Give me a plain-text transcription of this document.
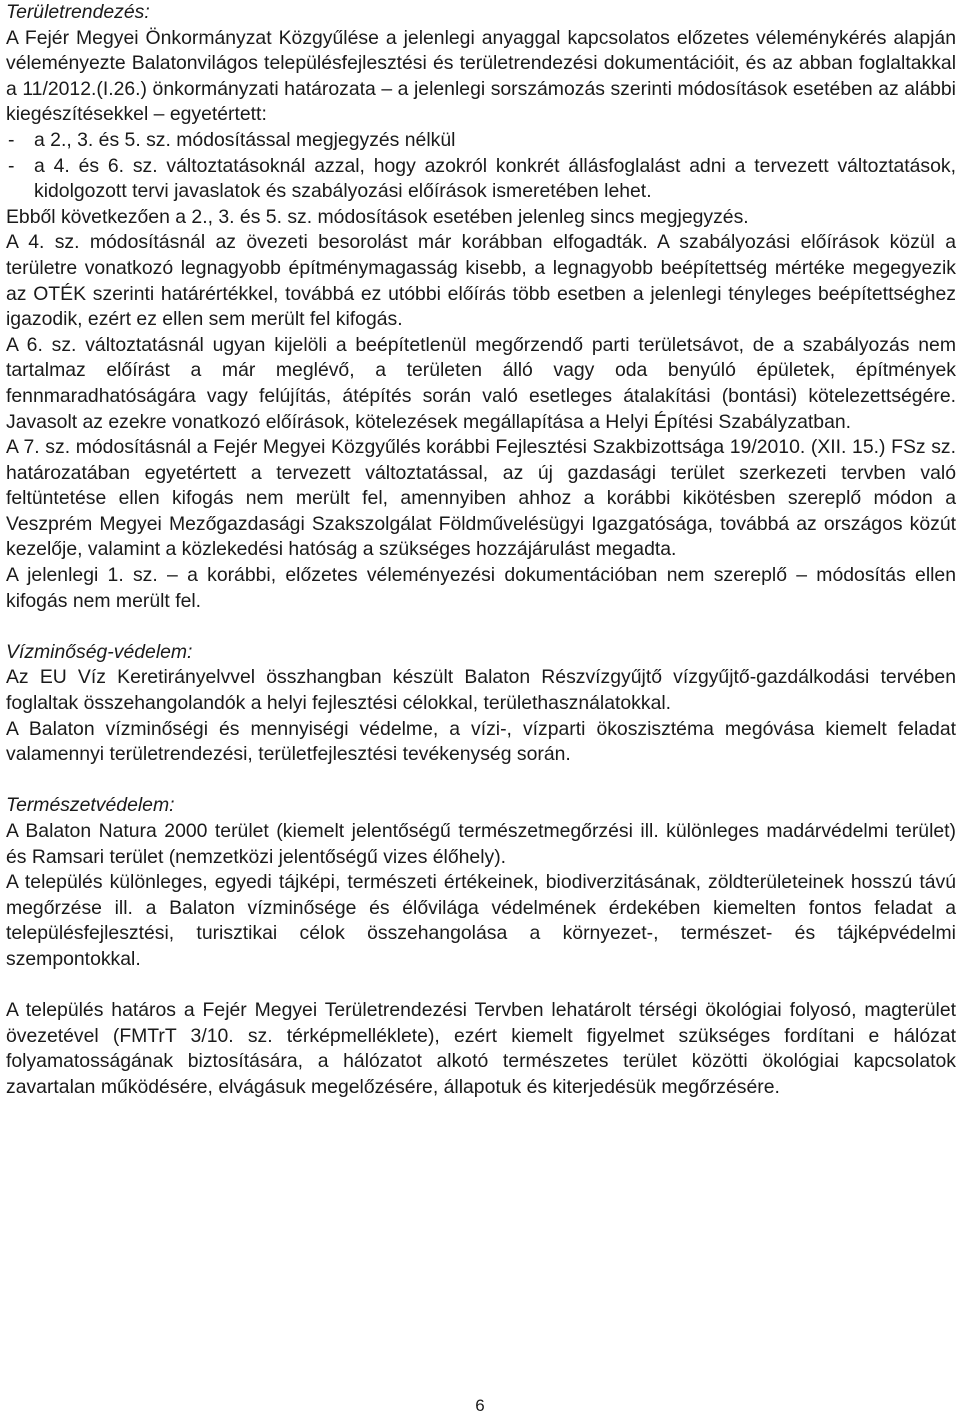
Területrendezés:

A Fejér Megyei Önkormányzat Közgyűlése a jelenlegi anyaggal kapcsolatos előzetes véleménykérés alapján véleményezte Balatonvilágos településfejlesztési és területrendezési dokumentációit, és az abban foglaltakkal a 11/2012.(I.26.) önkormányzati határozata – a jelenlegi sorszámozás szerinti módosítások esetében az alábbi kiegészítésekkel – egyetértett:

-	a 2., 3. és 5. sz. módosítással megjegyzés nélkül
-	a 4. és 6. sz. változtatásoknál azzal, hogy azokról konkrét állásfoglalást adni a tervezett változtatások, kidolgozott tervi javaslatok és szabályozási előírások ismeretében lehet.

Ebből következően a 2., 3. és 5. sz. módosítások esetében jelenleg sincs megjegyzés.

A 4. sz. módosításnál az övezeti besorolást már korábban elfogadták. A szabályozási előírások közül a területre vonatkozó legnagyobb építménymagasság kisebb, a legnagyobb beépítettség mértéke megegyezik az OTÉK szerinti határértékkel, továbbá ez utóbbi előírás több esetben a jelenlegi tényleges beépítettséghez igazodik, ezért ez ellen sem merült fel kifogás.

A 6. sz. változtatásnál ugyan kijelöli a beépítetlenül megőrzendő parti területsávot, de a szabályozás nem tartalmaz előírást a már meglévő, a területen álló vagy oda benyúló épületek, építmények fennmaradhatóságára vagy felújítás, átépítés során való esetleges átalakítási (bontási) kötelezettségére. Javasolt az ezekre vonatkozó előírások, kötelezések megállapítása a Helyi Építési Szabályzatban.

A 7. sz. módosításnál a Fejér Megyei Közgyűlés korábbi Fejlesztési Szakbizottsága 19/2010. (XII. 15.) FSz sz. határozatában egyetértett a tervezett változtatással, az új gazdasági terület szerkezeti tervben való feltüntetése ellen kifogás nem merült fel, amennyiben ahhoz a korábbi kikötésben szereplő módon a Veszprém Megyei Mezőgazdasági Szakszolgálat Földművelésügyi Igazgatósága, továbbá az országos közút kezelője, valamint a közlekedési hatóság a szükséges hozzájárulást megadta.

A jelenlegi 1. sz. – a korábbi, előzetes véleményezési dokumentációban nem szereplő – módosítás ellen kifogás nem merült fel.

Vízminőség-védelem:

Az EU Víz Keretirányelvvel összhangban készült Balaton Részvízgyűjtő vízgyűjtő-gazdálkodási tervében foglaltak összehangolandók a helyi fejlesztési célokkal, területhasználatokkal.

A Balaton vízminőségi és mennyiségi védelme, a vízi-, vízparti ökoszisztéma megóvása kiemelt feladat valamennyi területrendezési, területfejlesztési tevékenység során.

Természetvédelem:

A Balaton Natura 2000 terület (kiemelt jelentőségű természetmegőrzési ill. különleges madárvédelmi terület) és Ramsari terület (nemzetközi jelentőségű vizes élőhely).

A település különleges, egyedi tájképi, természeti értékeinek, biodiverzitásának, zöldterületeinek hosszú távú megőrzése ill. a Balaton vízminősége és élővilága védelmének érdekében kiemelten fontos feladat a településfejlesztési, turisztikai célok összehangolása a környezet-, természet- és tájképvédelmi szempontokkal.

A település határos a Fejér Megyei Területrendezési Tervben lehatárolt térségi ökológiai folyosó, magterület övezetével (FMTrT 3/10. sz. térképmelléklete), ezért kiemelt figyelmet szükséges fordítani e hálózat folyamatosságának biztosítására, a hálózatot alkotó természetes terület közötti ökológiai kapcsolatok zavartalan működésére, elvágásuk megelőzésére, állapotuk és kiterjedésük megőrzésére.

6
